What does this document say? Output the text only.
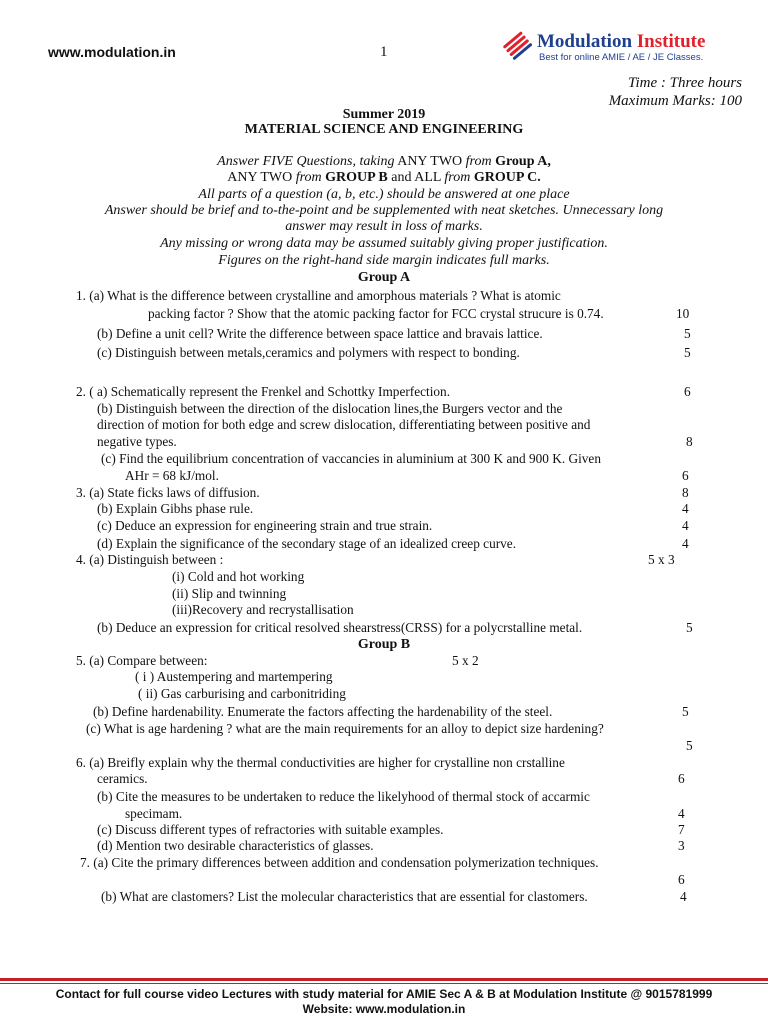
www.modulation.in	1	Modulation Institute
Best for online AMIE / AE / JE Classes.
Time : Three hours
Maximum Marks: 100
Summer 2019
MATERIAL SCIENCE AND ENGINEERING
Answer FIVE Questions, taking ANY TWO from Group A,
ANY TWO from GROUP B and ALL from GROUP C.
All parts of a question (a, b, etc.) should be answered at one place
Answer should be brief and to-the-point and be supplemented with neat sketches. Unnecessary long
answer may result in loss of marks.
Any missing or wrong data may be assumed suitably giving proper justification.
Figures on the right-hand side margin indicates full marks.
Group A
1. (a) What is the difference between crystalline and amorphous materials ? What is atomic
packing factor ? Show that the atomic packing factor for FCC crystal strucure is 0.74.	10
(b) Define a unit cell? Write the difference between space lattice and bravais lattice.	5
(c) Distinguish between metals,ceramics and polymers with respect to bonding.	5
2. ( a) Schematically represent the Frenkel and Schottky Imperfection.	6
(b) Distinguish between the direction of the dislocation lines,the Burgers vector and the
direction of motion for both edge and screw dislocation, differentiating between positive and
negative types.	8
(c) Find the equilibrium concentration of vaccancies in aluminium at 300 K and 900 K. Given
AHr = 68 kJ/mol.	6
3. (a) State ficks laws of diffusion.	8
(b) Explain Gibhs phase rule.	4
(c) Deduce an expression for engineering strain and true strain.	4
(d) Explain the significance of the secondary stage of an idealized creep curve.	4
4. (a) Distinguish between :	5 x 3
(i) Cold and hot working
(ii) Slip and twinning
(iii)Recovery and recrystallisation
(b) Deduce an expression for critical resolved shearstress(CRSS) for a polycrstalline metal.	5
Group B
5. (a) Compare between:	5 x 2
( i ) Austempering and martempering
( ii) Gas carburising and carbonitriding
(b) Define hardenability. Enumerate the factors affecting the hardenability of the steel.	5
(c) What is age hardening ? what are the main requirements for an alloy to depict size hardening?
5
6. (a) Breifly explain why the thermal conductivities are higher for crystalline non crstalline
ceramics.	6
(b) Cite the measures to be undertaken to reduce the likelyhood of thermal stock of accarmic
specimam.	4
(c) Discuss different types of refractories with suitable examples.	7
(d) Mention two desirable characteristics of glasses.	3
7. (a) Cite the primary differences between addition and condensation polymerization techniques.
6
(b) What are clastomers? List the molecular characteristics that are essential for clastomers.	4
Contact for full course video Lectures with study material for AMIE Sec A & B at Modulation Institute @ 9015781999
Website: www.modulation.in
